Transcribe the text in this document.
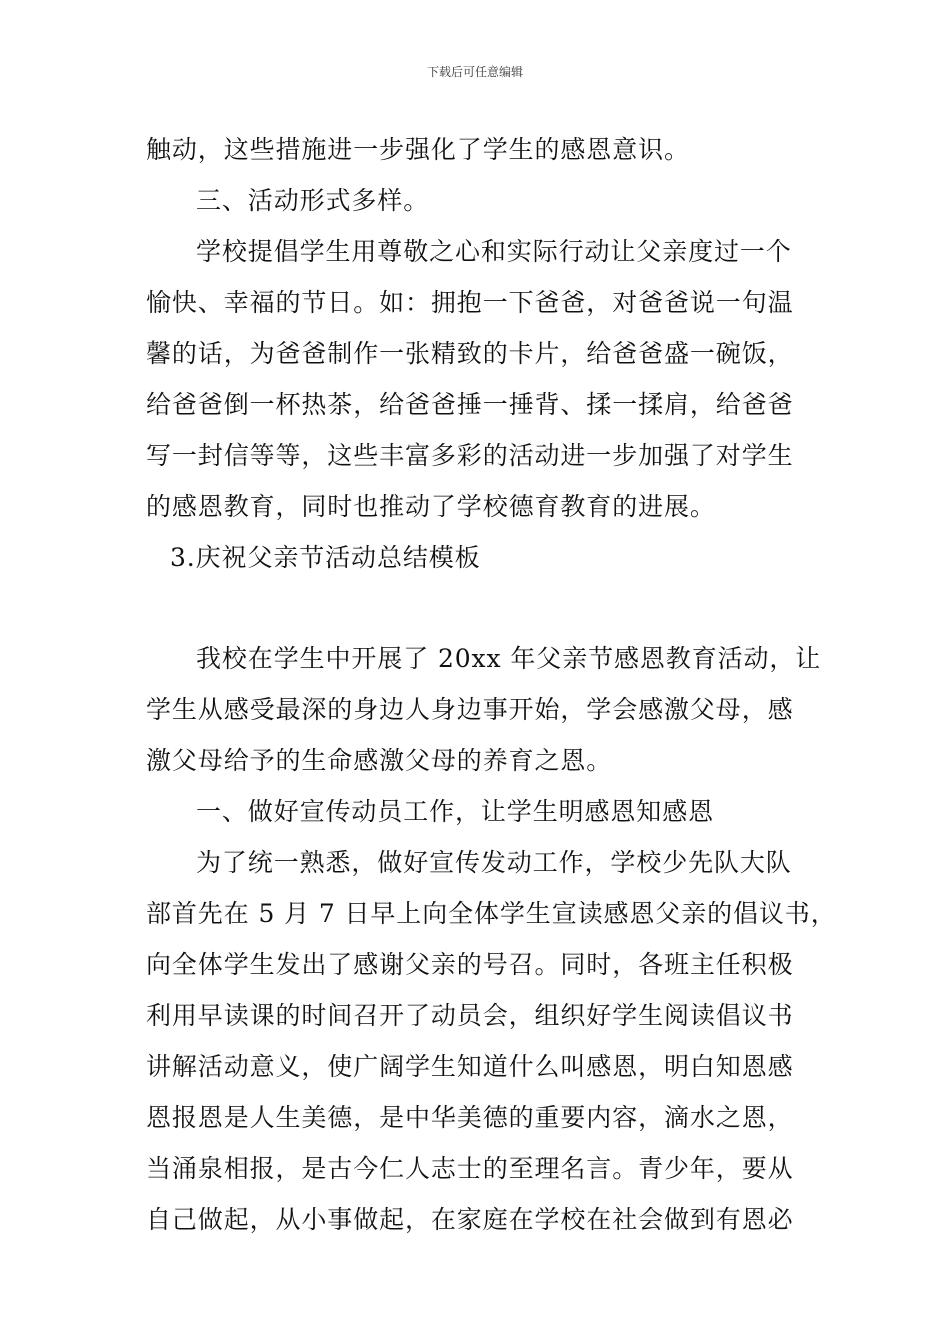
下载后可任意编辑
触动，这些措施进一步强化了学生的感恩意识。
三、活动形式多样。
学校提倡学生用尊敬之心和实际行动让父亲度过一个
愉快、幸福的节日。如：拥抱一下爸爸，对爸爸说一句温
馨的话，为爸爸制作一张精致的卡片，给爸爸盛一碗饭，
给爸爸倒一杯热茶，给爸爸捶一捶背、揉一揉肩，给爸爸
写一封信等等，这些丰富多彩的活动进一步加强了对学生
的感恩教育，同时也推动了学校德育教育的进展。
3.庆祝父亲节活动总结模板
我校在学生中开展了 20xx 年父亲节感恩教育活动，让
学生从感受最深的身边人身边事开始，学会感激父母，感
激父母给予的生命感激父母的养育之恩。
一、做好宣传动员工作，让学生明感恩知感恩
为了统一熟悉，做好宣传发动工作，学校少先队大队
部首先在 5 月 7 日早上向全体学生宣读感恩父亲的倡议书，
向全体学生发出了感谢父亲的号召。同时，各班主任积极
利用早读课的时间召开了动员会，组织好学生阅读倡议书
讲解活动意义，使广阔学生知道什么叫感恩，明白知恩感
恩报恩是人生美德，是中华美德的重要内容，滴水之恩，
当涌泉相报，是古今仁人志士的至理名言。青少年，要从
自己做起，从小事做起，在家庭在学校在社会做到有恩必
